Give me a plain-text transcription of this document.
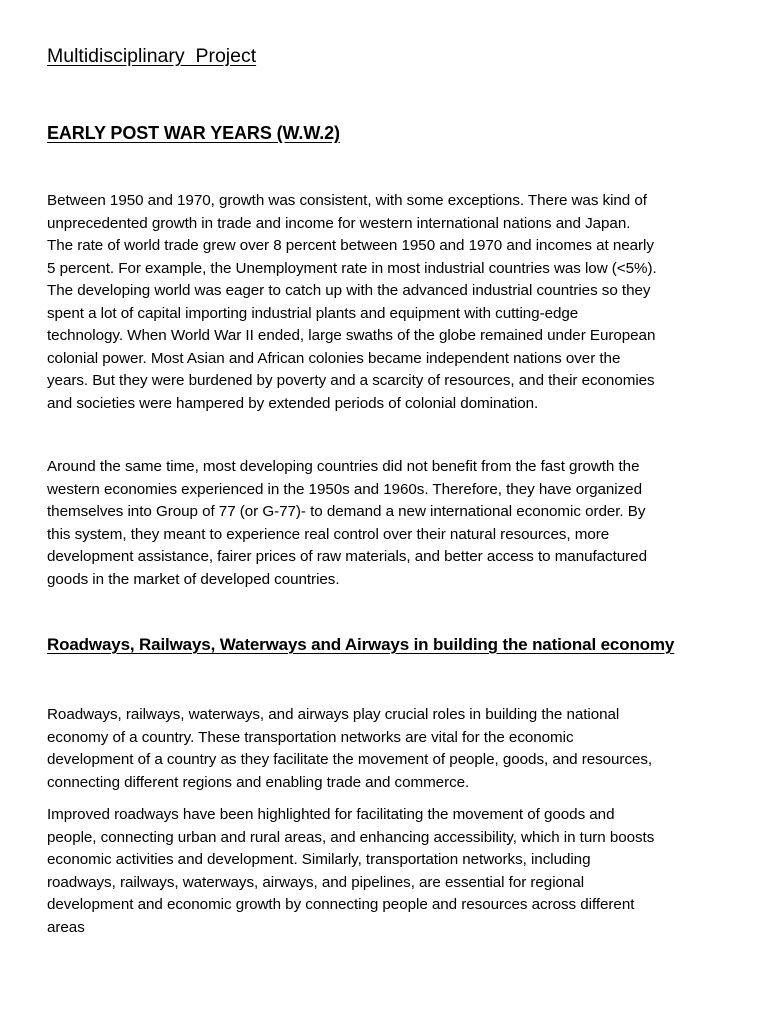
Multidisciplinary  Project
EARLY POST WAR YEARS (W.W.2)

Between 1950 and 1970, growth was consistent, with some exceptions. There was kind of
unprecedented growth in trade and income for western international nations and Japan.
The rate of world trade grew over 8 percent between 1950 and 1970 and incomes at nearly
5 percent. For example, the Unemployment rate in most industrial countries was low (<5%).
The developing world was eager to catch up with the advanced industrial countries so they
spent a lot of capital importing industrial plants and equipment with cutting-edge
technology. When World War II ended, large swaths of the globe remained under European
colonial power. Most Asian and African colonies became independent nations over the
years. But they were burdened by poverty and a scarcity of resources, and their economies
and societies were hampered by extended periods of colonial domination.

Around the same time, most developing countries did not benefit from the fast growth the
western economies experienced in the 1950s and 1960s. Therefore, they have organized
themselves into Group of 77 (or G-77)- to demand a new international economic order. By
this system, they meant to experience real control over their natural resources, more
development assistance, fairer prices of raw materials, and better access to manufactured
goods in the market of developed countries.

Roadways, Railways, Waterways and Airways in building the national economy

Roadways, railways, waterways, and airways play crucial roles in building the national
economy of a country. These transportation networks are vital for the economic
development of a country as they facilitate the movement of people, goods, and resources,
connecting different regions and enabling trade and commerce.

Improved roadways have been highlighted for facilitating the movement of goods and
people, connecting urban and rural areas, and enhancing accessibility, which in turn boosts
economic activities and development. Similarly, transportation networks, including
roadways, railways, waterways, airways, and pipelines, are essential for regional
development and economic growth by connecting people and resources across different
areas
